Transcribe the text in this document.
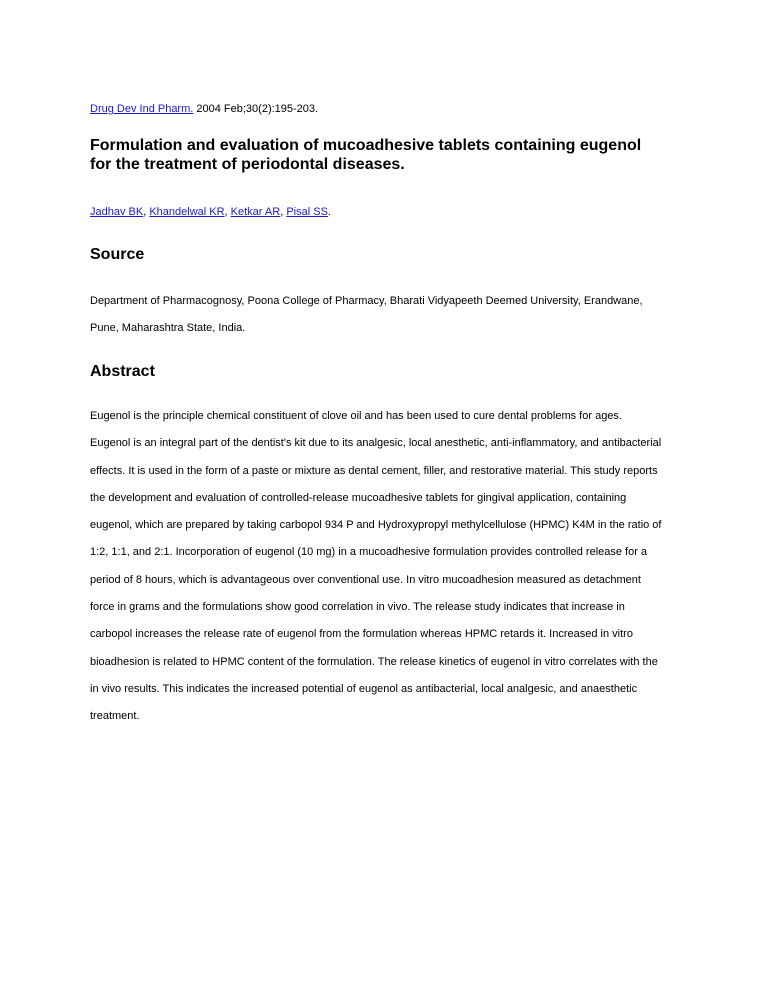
Drug Dev Ind Pharm. 2004 Feb;30(2):195-203.
Formulation and evaluation of mucoadhesive tablets containing eugenol
for the treatment of periodontal diseases.
Jadhav BK, Khandelwal KR, Ketkar AR, Pisal SS.
Source

Department of Pharmacognosy, Poona College of Pharmacy, Bharati Vidyapeeth Deemed University, Erandwane,
Pune, Maharashtra State, India.

Abstract

Eugenol is the principle chemical constituent of clove oil and has been used to cure dental problems for ages.
Eugenol is an integral part of the dentist's kit due to its analgesic, local anesthetic, anti-inflammatory, and antibacterial
effects. It is used in the form of a paste or mixture as dental cement, filler, and restorative material. This study reports
the development and evaluation of controlled-release mucoadhesive tablets for gingival application, containing
eugenol, which are prepared by taking carbopol 934 P and Hydroxypropyl methylcellulose (HPMC) K4M in the ratio of
1:2, 1:1, and 2:1. Incorporation of eugenol (10 mg) in a mucoadhesive formulation provides controlled release for a
period of 8 hours, which is advantageous over conventional use. In vitro mucoadhesion measured as detachment
force in grams and the formulations show good correlation in vivo. The release study indicates that increase in
carbopol increases the release rate of eugenol from the formulation whereas HPMC retards it. Increased in vitro
bioadhesion is related to HPMC content of the formulation. The release kinetics of eugenol in vitro correlates with the
in vivo results. This indicates the increased potential of eugenol as antibacterial, local analgesic, and anaesthetic
treatment.
